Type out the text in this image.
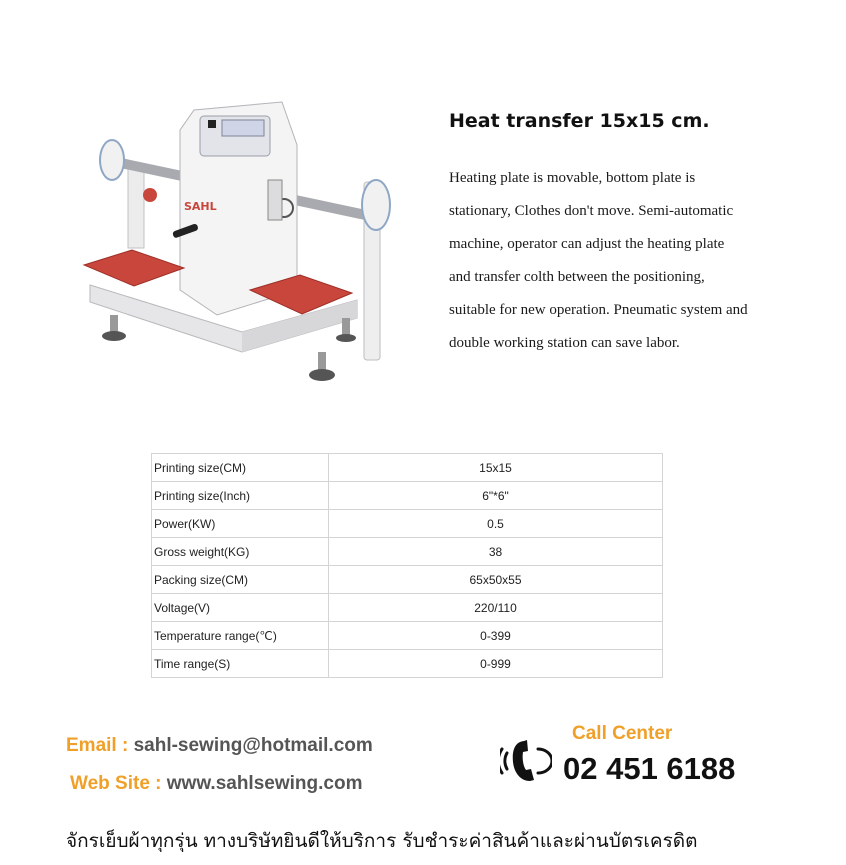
SAHL
Heat transfer 15x15 cm.
Heating plate is movable, bottom plate is
stationary, Clothes don't move. Semi-automatic
machine, operator can adjust the heating plate
and transfer colth between the positioning,
suitable for new operation. Pneumatic system and
double working station can save labor.
Printing size(CM)	15x15
Printing size(Inch)	6"*6"
Power(KW)	0.5
Gross weight(KG)	38
Packing size(CM)	65x50x55
Voltage(V)	220/110
Temperature range(℃)	0-399
Time range(S)	0-999
Email : sahl-sewing@hotmail.com
Web Site : www.sahlsewing.com
Call Center
02 451 6188
จักรเย็บผ้าทุกรุ่น ทางบริษัทยินดีให้บริการ รับชำระค่าสินค้าและผ่านบัตรเครดิต
